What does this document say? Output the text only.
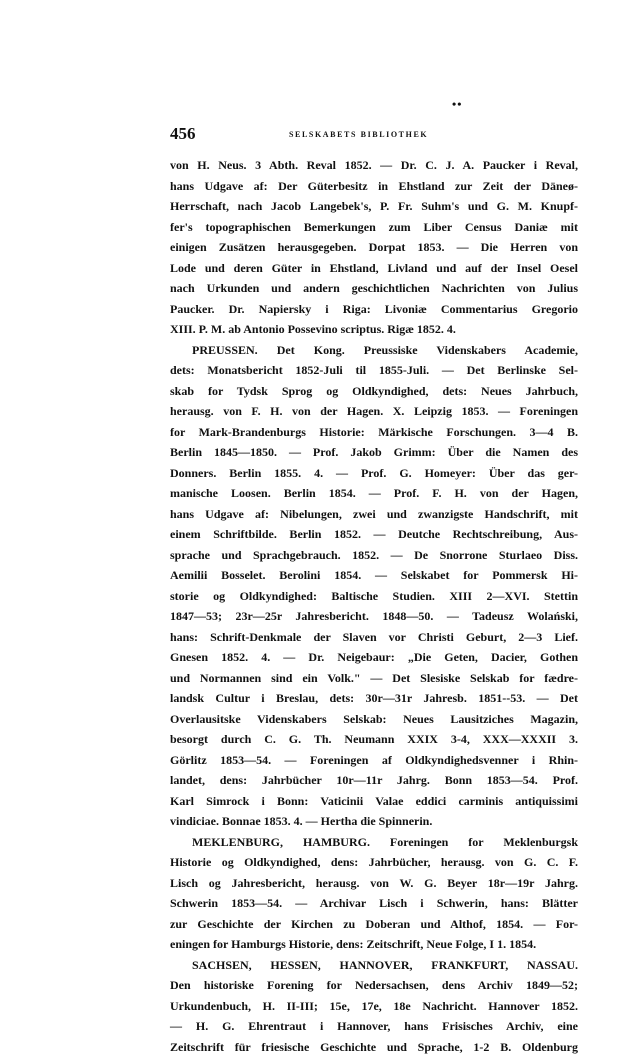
••
456	SELSKABETS BIBLIOTHEK
von H. Neus. 3 Abth. Reval 1852. — Dr. C. J. A. Paucker i Reval,
hans Udgave af: Der Güterbesitz in Ehstland zur Zeit der Däneø-
Herrschaft, nach Jacob Langebek's, P. Fr. Suhm's und G. M. Knupf-
fer's topographischen Bemerkungen zum Liber Census Daniæ mit
einigen Zusätzen herausgegeben. Dorpat 1853. — Die Herren von
Lode und deren Güter in Ehstland, Livland und auf der Insel Oesel
nach Urkunden und andern geschichtlichen Nachrichten von Julius
Paucker. Dr. Napiersky i Riga: Livoniæ Commentarius Gregorio
XIII. P. M. ab Antonio Possevino scriptus. Rigæ 1852. 4.
PREUSSEN. Det Kong. Preussiske Videnskabers Academie,
dets: Monatsbericht 1852-Juli til 1855-Juli. — Det Berlinske Sel-
skab for Tydsk Sprog og Oldkyndighed, dets: Neues Jahrbuch,
herausg. von F. H. von der Hagen. X. Leipzig 1853. — Foreningen
for Mark-Brandenburgs Historie: Märkische Forschungen. 3—4 B.
Berlin 1845—1850. — Prof. Jakob Grimm: Über die Namen des
Donners. Berlin 1855. 4. — Prof. G. Homeyer: Über das ger-
manische Loosen. Berlin 1854. — Prof. F. H. von der Hagen,
hans Udgave af: Nibelungen, zwei und zwanzigste Handschrift, mit
einem Schriftbilde. Berlin 1852. — Deutche Rechtschreibung, Aus-
sprache und Sprachgebrauch. 1852. — De Snorrone Sturlaeo Diss.
Aemilii Bosselet. Berolini 1854. — Selskabet for Pommersk Hi-
storie og Oldkyndighed: Baltische Studien. XIII 2—XVI. Stettin
1847—53; 23r—25r Jahresbericht. 1848—50. — Tadeusz Wolański,
hans: Schrift-Denkmale der Slaven vor Christi Geburt, 2—3 Lief.
Gnesen 1852. 4. — Dr. Neigebaur: „Die Geten, Dacier, Gothen
und Normannen sind ein Volk." — Det Slesiske Selskab for fædre-
landsk Cultur i Breslau, dets: 30r—31r Jahresb. 1851--53. — Det
Overlausitske Videnskabers Selskab: Neues Lausitziches Magazin,
besorgt durch C. G. Th. Neumann XXIX 3-4, XXX—XXXII 3.
Görlitz 1853—54. — Foreningen af Oldkyndighedsvenner i Rhin-
landet, dens: Jahrbücher 10r—11r Jahrg. Bonn 1853—54. Prof.
Karl Simrock i Bonn: Vaticinii Valae eddici carminis antiquissimi
vindiciae. Bonnae 1853. 4. — Hertha die Spinnerin.
MEKLENBURG, HAMBURG. Foreningen for Meklenburgsk
Historie og Oldkyndighed, dens: Jahrbücher, herausg. von G. C. F.
Lisch og Jahresbericht, herausg. von W. G. Beyer 18r—19r Jahrg.
Schwerin 1853—54. — Archivar Lisch i Schwerin, hans: Blätter
zur Geschichte der Kirchen zu Doberan und Althof, 1854. — For-
eningen for Hamburgs Historie, dens: Zeitschrift, Neue Folge, I 1. 1854.
SACHSEN, HESSEN, HANNOVER, FRANKFURT, NASSAU.
Den historiske Forening for Nedersachsen, dens Archiv 1849—52;
Urkundenbuch, H. II-III; 15e, 17e, 18e Nachricht. Hannover 1852.
— H. G. Ehrentraut i Hannover, hans Frisisches Archiv, eine
Zeitschrift für friesische Geschichte und Sprache, 1-2 B. Oldenburg
